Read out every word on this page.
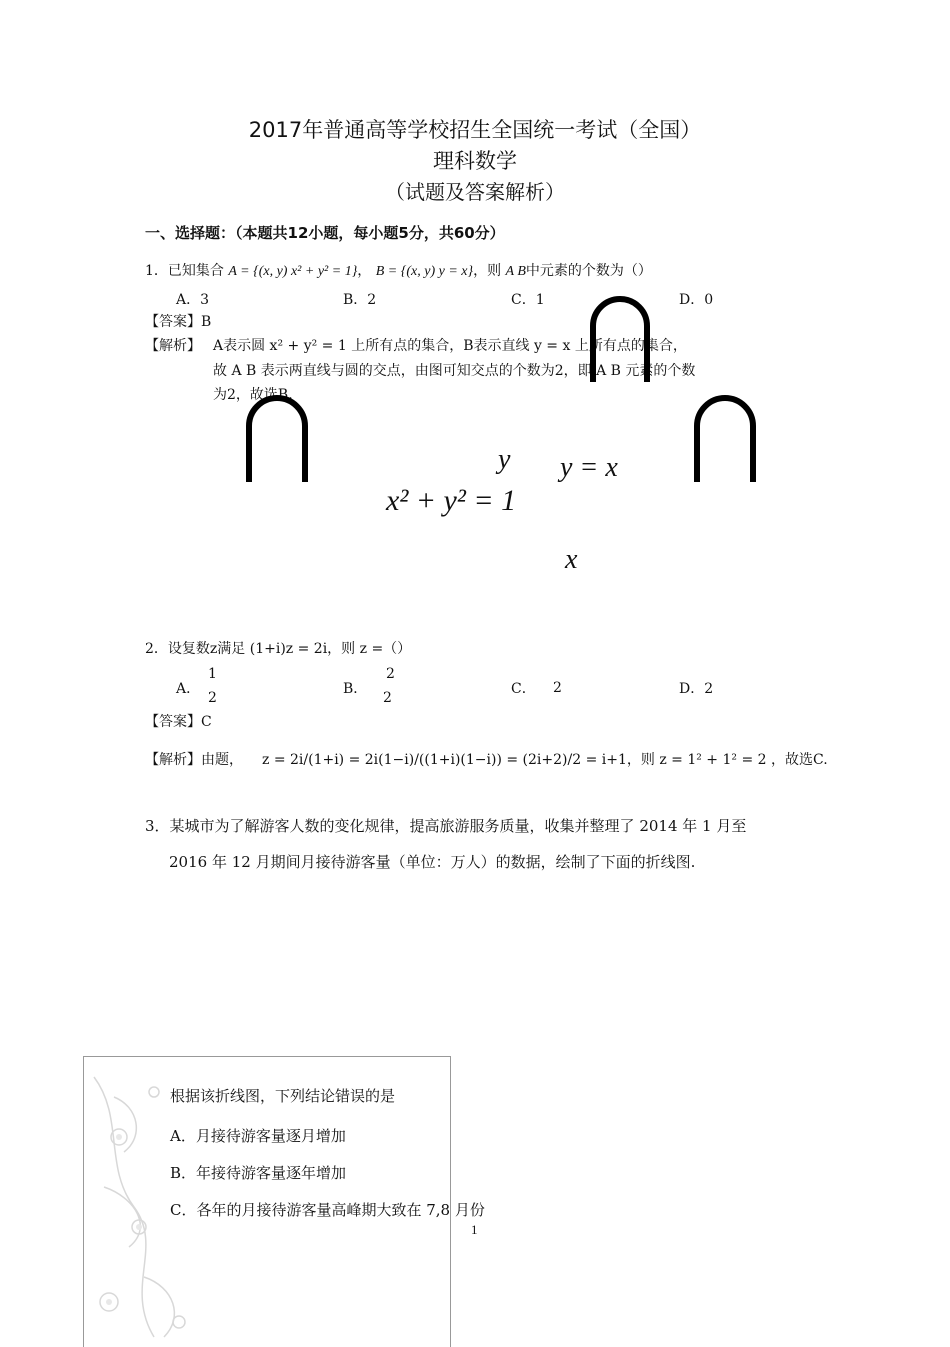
2017年普通高等学校招生全国统一考试（全国）
理科数学
（试题及答案解析）
一、选择题：（本题共12小题，每小题5分，共60分）
1．已知集合 A = {(x, y) x² + y² = 1}， B = {(x, y) y = x}，则 A B中元素的个数为（）
A．3	B．2	C．1	D．0
【答案】B
【解析】 A表示圆 x² + y² = 1 上所有点的集合，B表示直线 y = x 上所有点的集合，
故 A B 表示两直线与圆的交点，由图可知交点的个数为2，即 A B 元素的个数
为2，故选B.
y y = x
x² + y² = 1
x
2．设复数z满足 (1+i)z = 2i，则 z =（）
A．
1
2
B．
2
2
C． 2	D．2
【答案】C
【解析】由题， z = 2i/(1+i) = 2i(1−i)/((1+i)(1−i)) = (2i+2)/2 = i+1，则 z = 1² + 1² = 2 ，故选C.
3．某城市为了解游客人数的变化规律，提高旅游服务质量，收集并整理了 2014 年 1 月至
2016 年 12 月期间月接待游客量（单位：万人）的数据，绘制了下面的折线图.
根据该折线图，下列结论错误的是
A．月接待游客量逐月增加
B．年接待游客量逐年增加
C．各年的月接待游客量高峰期大致在 7,8 月份
1
